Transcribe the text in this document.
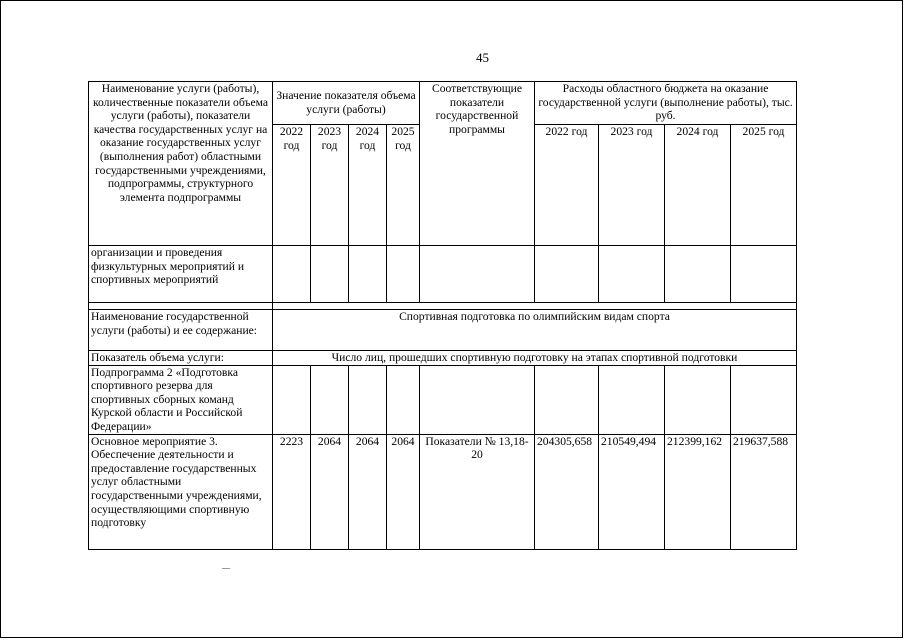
45
Наименование услуги (работы), количественные показатели объема услуги (работы), показатели качества государственных услуг на оказание государственных услуг (выполнения работ) областными государственными учреждениями, подпрограммы, структурного элемента подпрограммы	Значение показателя объема услуги (работы)				Соответствующие показатели государственной программы	Расходы областного бюджета на оказание государственной услуги (выполнение работы), тыс. руб.			
	2022 год	2023 год	2024 год	2025 год		2022 год	2023 год	2024 год	2025 год
организации и проведения физкультурных мероприятий и спортивных мероприятий									

Наименование государственной услуги (работы) и ее содержание:	Спортивная подготовка по олимпийским видам спорта								
Показатель объема услуги:	Число лиц, прошедших спортивную подготовку на этапах спортивной подготовки								
Подпрограмма 2 «Подготовка спортивного резерва для спортивных сборных команд Курской области и Российской Федерации»									
Основное мероприятие 3. Обеспечение деятельности и предоставление государственных услуг областными государственными учреждениями, осуществляющими спортивную подготовку	2223	2064	2064	2064	Показатели № 13,18-20	204305,658	210549,494	212399,162	219637,588
